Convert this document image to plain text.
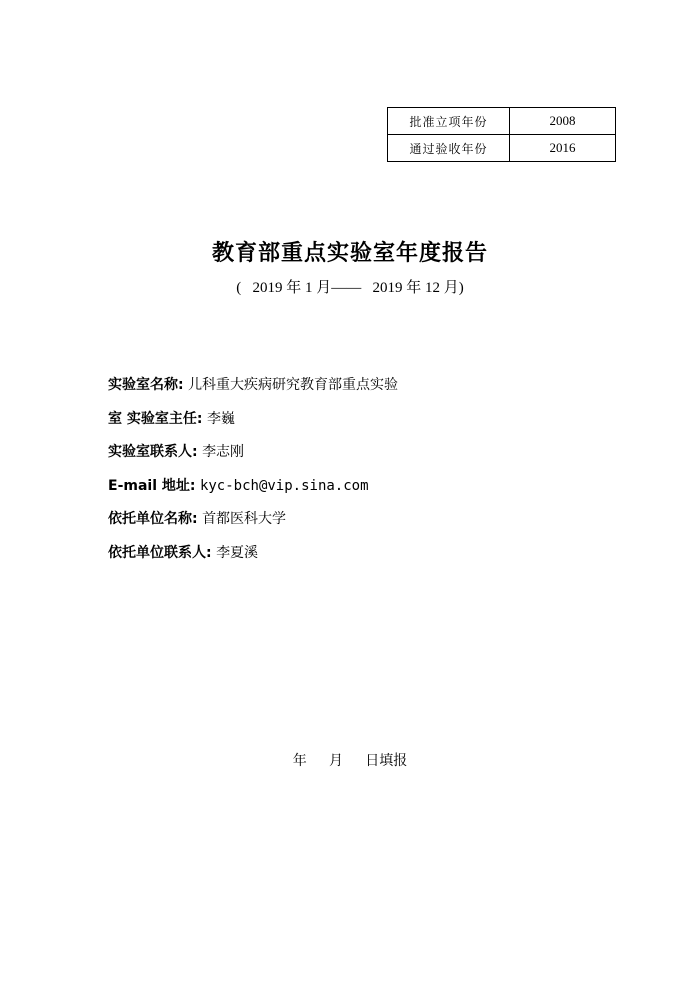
批准立项年份	2008
通过验收年份	2016
教育部重点实验室年度报告
(   2019 年 1 月——   2019 年 12 月)
实验室名称: 儿科重大疾病研究教育部重点实验
室 实验室主任: 李巍
实验室联系人: 李志刚
E-mail 地址: kyc-bch@vip.sina.com
依托单位名称: 首都医科大学
依托单位联系人: 李夏溪
年     月     日填报
